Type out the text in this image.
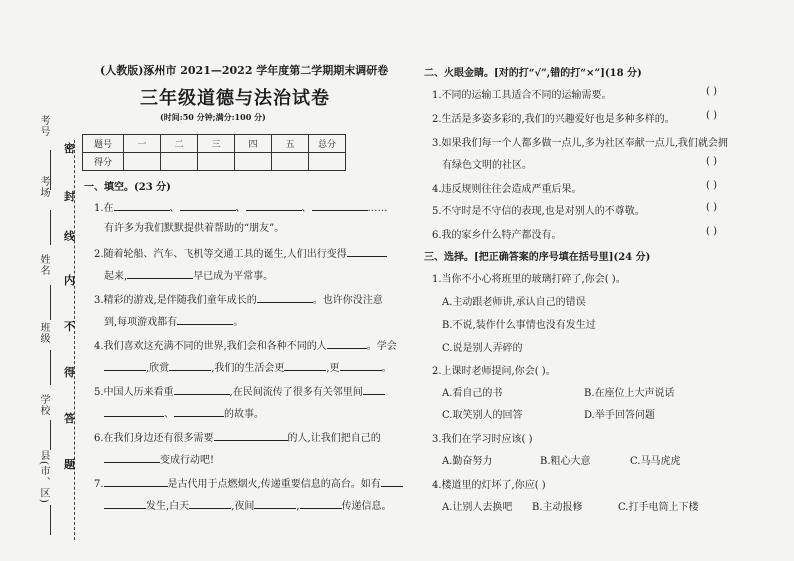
考号
考场
姓名
班级
学校
县(市、区)
密
封
线
内
不
得
答
题
(人教版)涿州市 2021—2022 学年度第二学期期末调研卷
三年级道德与法治试卷
(时间:50 分钟;满分:100 分)
题号	一	二	三	四	五	总分
得分						
一、填空。(23 分)
1.在	、	、	、	……
有许多为我们默默提供着帮助的“朋友”。
2.随着轮船、汽车、飞机等交通工具的诞生,人们出行变得
起来,	早已成为平常事。
3.精彩的游戏,是伴随我们童年成长的	。也许你没注意
到,每项游戏都有	。
4.我们喜欢这充满不同的世界,我们会和各种不同的人	。学会
,欣赏	,我们的生活会更	,更	。
5.中国人历来看重	,在民间流传了很多有关邻里间
、	的故事。
6.在我们身边还有很多需要	的人,让我们把自己的
变成行动吧!
7.	是古代用于点燃烟火,传递重要信息的高台。如有
发生,白天	,夜间	,	传递信息。
二、火眼金睛。[对的打“√”,错的打“×”](18 分)
1.不同的运输工具适合不同的运输需要。	( )
2.生活是多姿多彩的,我们的兴趣爱好也是多种多样的。	( )
3.如果我们每一个人都多做一点儿,多为社区奉献一点儿,我们就会拥
有绿色文明的社区。	( )
4.违反规则往往会造成严重后果。	( )
5.不守时是不守信的表现,也是对别人的不尊敬。	( )
6.我的家乡什么特产都没有。	( )
三、选择。[把正确答案的序号填在括号里](24 分)
1.当你不小心将班里的玻璃打碎了,你会( )。
A.主动跟老师讲,承认自己的错误
B.不说,装作什么事情也没有发生过
C.说是别人弄碎的
2.上课时老师提问,你会( )。
A.看自己的书	B.在座位上大声说话
C.取笑别人的回答	D.举手回答问题
3.我们在学习时应该( )
A.勤奋努力	B.粗心大意	C.马马虎虎
4.楼道里的灯坏了,你应( )
A.让别人去换吧 B.主动报修	C.打手电筒上下楼
